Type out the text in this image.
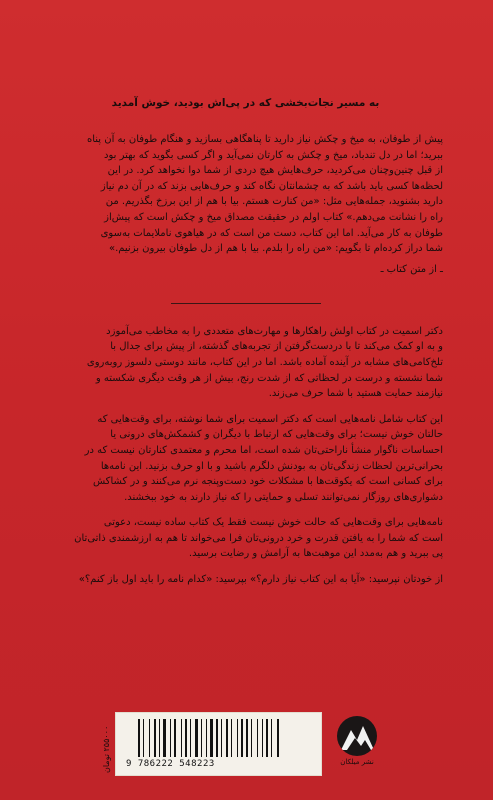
به مسیر نجات‌بخشی که در پی‌اش بودید، خوش آمدید

پیش از طوفان، به میخ و چکش نیاز دارید تا پناهگاهی بسازید و هنگام طوفان به آن پناه

ببرید؛ اما در دل تندباد، میخ و چکش به کارتان نمی‌آید و اگر کسی بگوید که بهتر بود

از قبل چنین‌وچنان می‌کردید، حرف‌هایش هیچ دردی از شما دوا نخواهد کرد. در این

لحظه‌ها کسی باید باشد که به چشمانتان نگاه کند و حرف‌هایی بزند که در آن دم نیاز

دارید بشنوید، جمله‌هایی مثل: «من کنارت هستم. بیا با هم از این برزخ بگذریم. من

راه را نشانت می‌دهم.» کتاب اولم در حقیقت مصداق میخ و چکش است که پیش‌از

طوفان به کار می‌آید. اما این کتاب، دست من است که در هیاهوی ناملایمات به‌سوی

شما دراز کرده‌ام تا بگویم: «من راه را بلدم. بیا با هم از دل طوفان بیرون بزنیم.»

ـ از متن کتاب ـ

دکتر اسمیت در کتاب اولش راهکارها و مهارت‌های متعددی را به مخاطب می‌آموزد

و به او کمک می‌کند تا با در‌دست‌گرفتن از تجربه‌های گذشته، از پیش برای جدال با

تلخ‌کامی‌های مشابه در آینده آماده باشد. اما در این کتاب، مانند دوستی دلسوز روبه‌روی

شما نشسته و درست در لحظاتی که از شدت رنج، بیش از هر وقت دیگری شکسته و

نیازمند حمایت هستید با شما حرف می‌زند.

این کتاب شامل نامه‌هایی است که دکتر اسمیت برای شما نوشته، برای وقت‌هایی که

حالتان خوش نیست؛ برای وقت‌هایی که ارتباط با دیگران و کشمکش‌های درونی یا

احساسات ناگوار منشأ ناراحتی‌تان شده است، اما محرم و معتمدی کنارتان نیست که در

بحرانی‌ترین لحظات زندگی‌تان به بودنش دلگرم باشید و با او حرف بزنید. این نامه‌ها

برای کسانی است که یکوقت‌ها با مشکلات خود دست‌وپنجه نرم می‌کنند و در کشاکش

دشواری‌های روزگار نمی‌توانند تسلی و حمایتی را که نیاز دارند به خود ببخشند.

نامه‌هایی برای وقت‌هایی که حالت خوش نیست فقط یک کتاب ساده نیست، دعوتی

است که شما را به یافتن قدرت و خرد درونی‌تان فرا می‌خواند تا هم به ارزشمندی ذاتی‌تان

پی ببرید و هم به‌مدد این موهبت‌ها به آرامش و رضایت برسید.

از خودتان نپرسید: «آیا به این کتاب نیاز دارم؟» بپرسید: «کدام نامه را باید اول باز کنم؟»

۲۵۵۰۰۰ تومان
9 786222 548223	نشر میلکان
